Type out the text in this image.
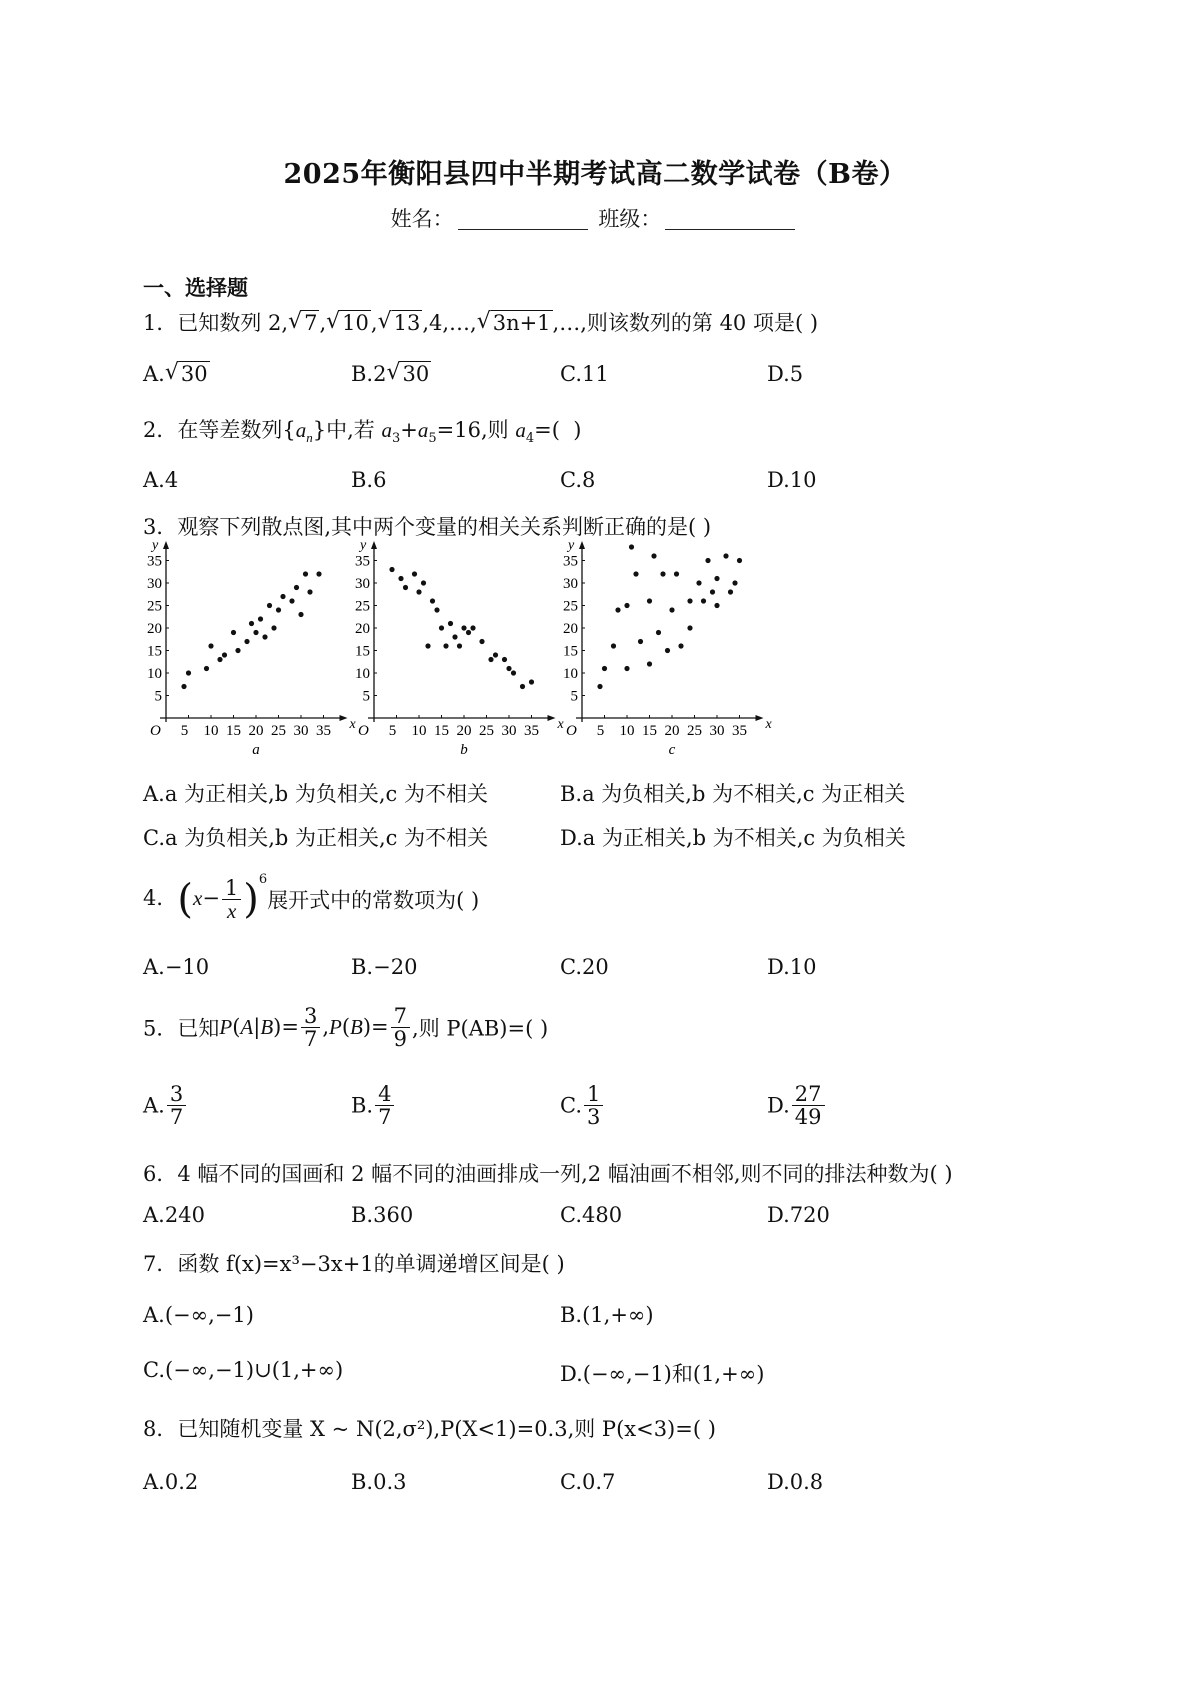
2025年衡阳县四中半期考试高二数学试卷（B卷）
姓名：	班级：
一、选择题
1．已知数列 2, √ 7, √ 10, √ 13,4,…, √ 3n+1,…,则该数列的第 40 项是( )
A. √ 30	B.2 √ 30	C.11	D.5
2．在等差数列$\{a_n\}$中,若 $a_3+a_5=16$,则 $a_4=$(  )
A.4	B.6	C.8	D.10
3．观察下列散点图,其中两个变量的相关关系判断正确的是( )
x
y
O 5 10 15 20 25 30 35
5
10
15
20
25
30
35
a
x
y
O 5 10 15 20 25 30 35
5
10
15
20
25
30
35
b
x
y
O 5 10 15 20 25 30 35
5
10
15
20
25
30
35
c
A.a 为正相关,b 为负相关,c 为不相关	B.a 为负相关,b 为不相关,c 为正相关
C.a 为负相关,b 为正相关,c 为不相关	D.a 为正相关,b 为不相关,c 为负相关
4．$(x- \frac{1}{x} )^6$展开式中的常数项为( )
A.−10	B.−20	C.20	D.10
5．已知$P(A|B)= \frac{3}{7} ,P(B)= \frac{7}{9}$ ,则 P(AB)=( )
A. $\frac{3}{7}$	B. $\frac{4}{7}$	C. $\frac{1}{3}$	D. $\frac{27}{49}$
6．4 幅不同的国画和 2 幅不同的油画排成一列,2 幅油画不相邻,则不同的排法种数为( )
A.240	B.360	C.480	D.720
7．函数 f(x)=x³−3x+1的单调递增区间是( )
A.(−∞,−1)	B.(1,+∞)
C.(−∞,−1)∪(1,+∞)	D.(−∞,−1)和(1,+∞)
8．已知随机变量 X ~ N(2,σ²),P(X<1)=0.3,则 P(x<3)=( )
A.0.2	B.0.3	C.0.7	D.0.8
